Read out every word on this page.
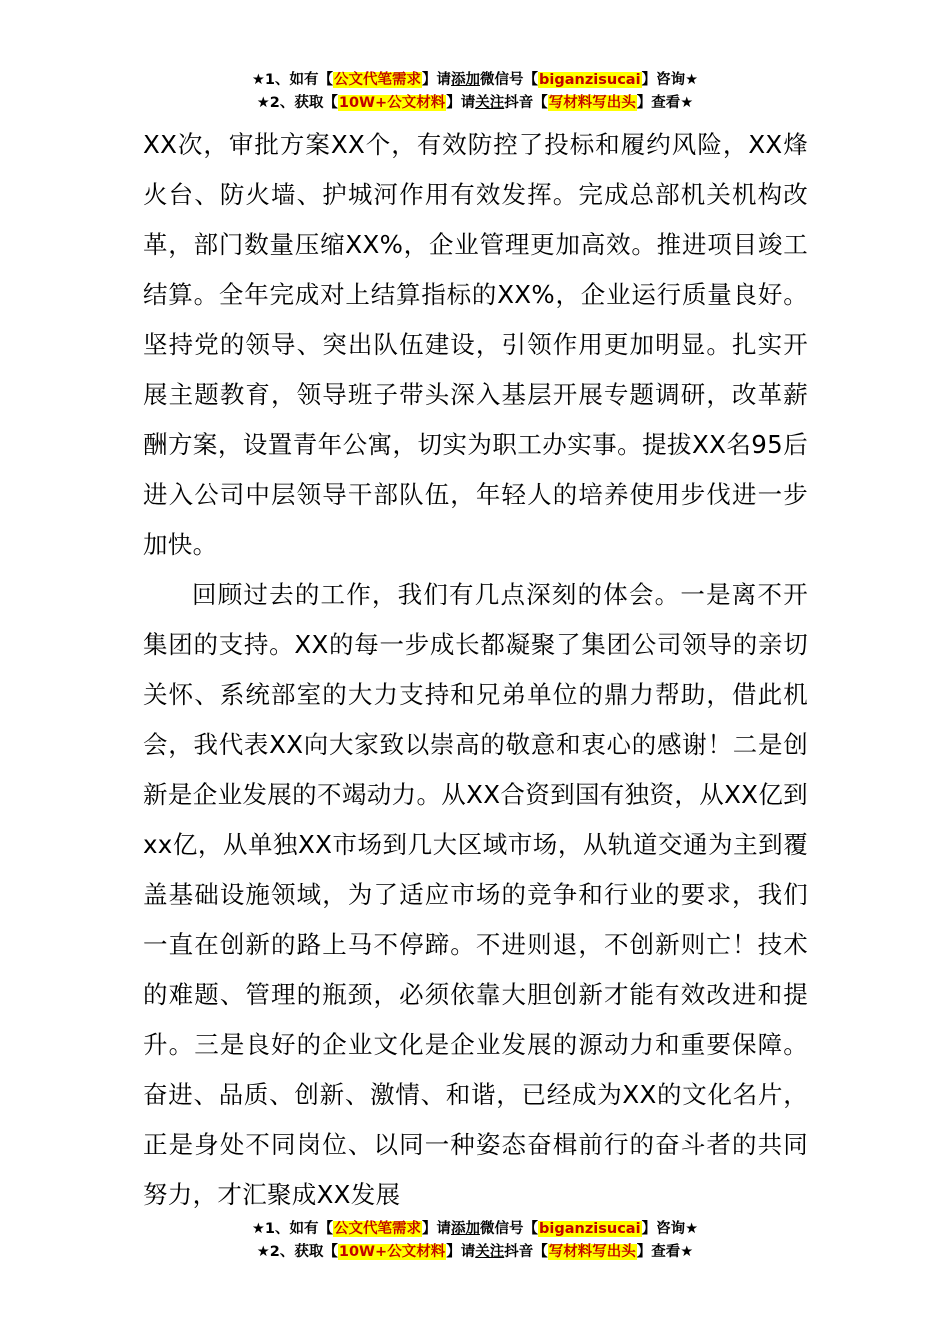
★1、如有【公文代笔需求】请添加微信号【biganzisucai】咨询★
★2、获取【10W+公文材料】请关注抖音【写材料写出头】查看★

XX次，审批方案XX个，有效防控了投标和履约风险，XX烽火台、防火墙、护城河作用有效发挥。完成总部机关机构改革，部门数量压缩XX%，企业管理更加高效。推进项目竣工结算。全年完成对上结算指标的XX%，企业运行质量良好。坚持党的领导、突出队伍建设，引领作用更加明显。扎实开展主题教育，领导班子带头深入基层开展专题调研，改革薪酬方案，设置青年公寓，切实为职工办实事。提拔XX名95后进入公司中层领导干部队伍，年轻人的培养使用步伐进一步加快。

回顾过去的工作，我们有几点深刻的体会。一是离不开集团的支持。XX的每一步成长都凝聚了集团公司领导的亲切关怀、系统部室的大力支持和兄弟单位的鼎力帮助，借此机会，我代表XX向大家致以崇高的敬意和衷心的感谢！二是创新是企业发展的不竭动力。从XX合资到国有独资，从XX亿到xx亿，从单独XX市场到几大区域市场，从轨道交通为主到覆盖基础设施领域，为了适应市场的竞争和行业的要求，我们一直在创新的路上马不停蹄。不进则退，不创新则亡！技术的难题、管理的瓶颈，必须依靠大胆创新才能有效改进和提升。三是良好的企业文化是企业发展的源动力和重要保障。奋进、品质、创新、激情、和谐，已经成为XX的文化名片，正是身处不同岗位、以同一种姿态奋楫前行的奋斗者的共同努力，才汇聚成XX发展

★1、如有【公文代笔需求】请添加微信号【biganzisucai】咨询★
★2、获取【10W+公文材料】请关注抖音【写材料写出头】查看★
